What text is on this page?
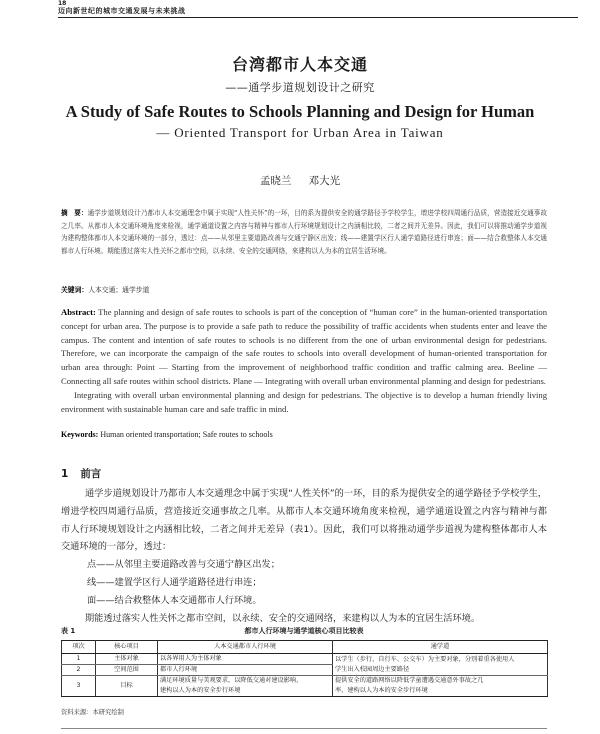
18
迈向新世纪的城市交通发展与未来挑战
台湾都市人本交通
——通学步道规划设计之研究
A Study of Safe Routes to Schools Planning and Design for Human
— Oriented Transport for Urban Area in Taiwan
孟晓兰 邓大光
摘　要：通学步道规划设计乃都市人本交通理念中属于实现“人性关怀”的一环，目的系为提供安全的通学路径予学校学生，增进学校四周通行品质，营造接近交通事故之几率。从都市人本交通环境角度来检视，通学通道设置之内容与精神与都市人行环境规划设计之内涵相比较，二者之间并无差异。因此，我们可以将推动通学步道视为建构整体都市人本交通环境的一部分，透过：点——从邻里主要道路改善与交通宁静区出发；线——建置学区行人通学道路径进行串连；面——结合救整体人本交通都市人行环境。期能透过落实人性关怀之都市空间，以永续、安全的交通网络，来建构以人为本的宜居生活环境。
关键词：人本交通；通学步道

Abstract: The planning and design of safe routes to schools is part of the conception of “human core” in the human-oriented transportation concept for urban area. The purpose is to provide a safe path to reduce the possibility of traffic accidents when students enter and leave the campus. The content and intention of safe routes to schools is no different from the one of urban environmental design for pedestrians. Therefore, we can incorporate the campaign of the safe routes to schools into overall development of human-oriented transportation for urban area through: Point — Starting from the improvement of neighborhood traffic condition and traffic calming area. Beeline — Connecting all safe routes within school districts. Plane — Integrating with overall urban environmental planning and design for pedestrians.

Integrating with overall urban environmental planning and design for pedestrians. The objective is to develop a human friendly living environment with sustainable human care and safe traffic in mind.

Keywords: Human oriented transportation; Safe routes to schools
1 前言

通学步道规划设计乃都市人本交通理念中属于实现“人性关怀”的一环，目的系为提供安全的通学路径予学校学生，增进学校四周通行品质，营造接近交通事故之几率。从都市人本交通环境角度来检视，通学通道设置之内容与精神与都市人行环境规划设计之内涵相比较，二者之间并无差异（表1）。因此，我们可以将推动通学步道视为建构整体都市人本交通环境的一部分，透过：

点——从邻里主要道路改善与交通宁静区出发；

线——建置学区行人通学道路径进行串连；

面——结合救整体人本交通都市人行环境。

期能透过落实人性关怀之都市空间，以永续、安全的交通网络，来建构以人为本的宜居生活环境。

都市人行环境与通学道核心项目比较表
表 1
项次	核心项目	人本交通都市人行环境	通学道
1	主体对象	以各界用人为主体对象	以学生（步行、自行车、公交车）为主要对象，分别着重各使用人
学生出入校园周边主要路径

2	空间范围	都市人行环境	

3	目标	满足环境质量与美观要求，以降低交通对建设影响，
建构以人为本的安全步行环境	提供安全的道路网络以降低学童遭遇交通意外事故之几
率，建构以人为本的安全步行环境
资料来源：本研究绘制
